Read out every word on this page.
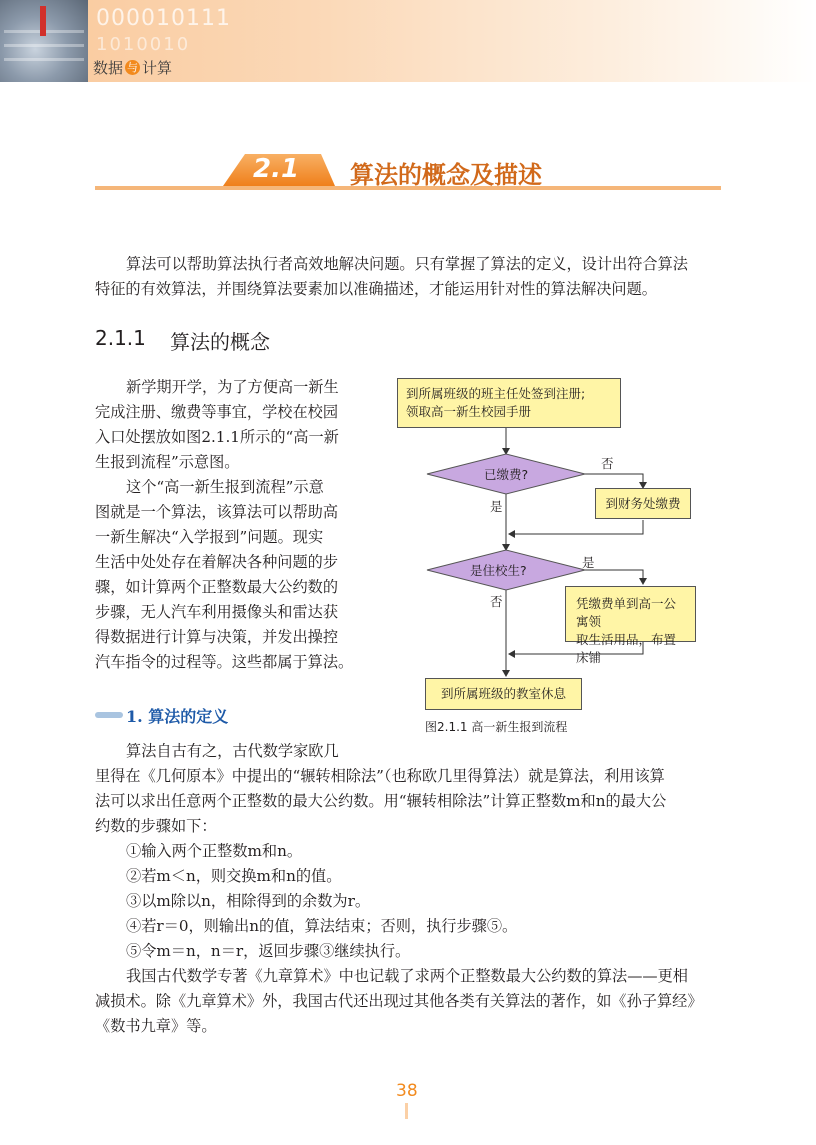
000010111
1010010
数据 与 计算
2.1 算法的概念及描述
算法可以帮助算法执行者高效地解决问题。只有掌握了算法的定义，设计出符合算法
特征的有效算法，并围绕算法要素加以准确描述，才能运用针对性的算法解决问题。
2.1.1 算法的概念
新学期开学，为了方便高一新生
完成注册、缴费等事宜，学校在校园
入口处摆放如图2.1.1所示的“高一新
生报到流程”示意图。
这个“高一新生报到流程”示意
图就是一个算法，该算法可以帮助高
一新生解决“入学报到”问题。现实
生活中处处存在着解决各种问题的步
骤，如计算两个正整数最大公约数的
步骤，无人汽车利用摄像头和雷达获
得数据进行计算与决策，并发出操控
汽车指令的过程等。这些都属于算法。
1. 算法的定义
到所属班级的班主任处签到注册;
领取高一新生校园手册
已缴费?
否
是	到财务处缴费
是住校生?
是
否	凭缴费单到高一公寓领
取生活用品，布置床铺
到所属班级的教室休息
图2.1.1 高一新生报到流程
算法自古有之，古代数学家欧几
里得在《几何原本》中提出的“辗转相除法”（也称欧几里得算法）就是算法，利用该算
法可以求出任意两个正整数的最大公约数。用“辗转相除法”计算正整数m和n的最大公
约数的步骤如下：
①输入两个正整数m和n。
②若m＜n，则交换m和n的值。
③以m除以n，相除得到的余数为r。
④若r＝0，则输出n的值，算法结束；否则，执行步骤⑤。
⑤令m＝n，n＝r，返回步骤③继续执行。
我国古代数学专著《九章算术》中也记载了求两个正整数最大公约数的算法——更相
减损术。除《九章算术》外，我国古代还出现过其他各类有关算法的著作，如《孙子算经》
《数书九章》等。
38
